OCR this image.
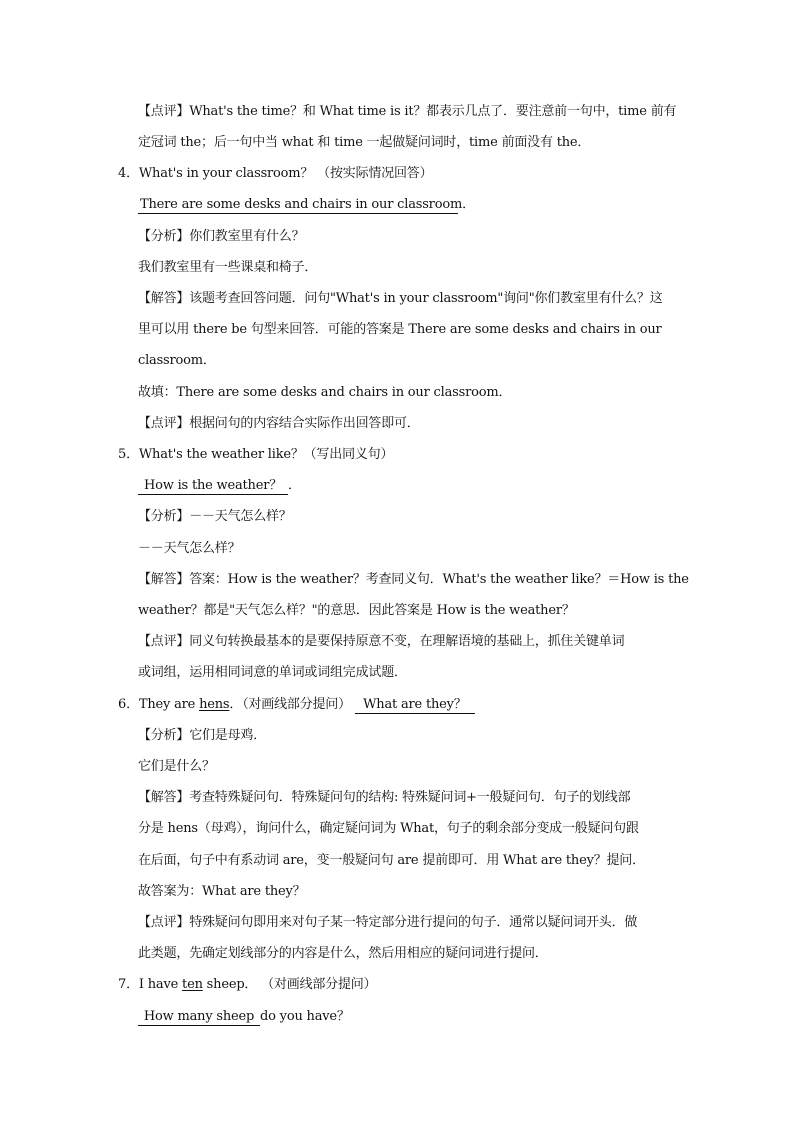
【点评】What's the time？和 What time is it？都表示几点了．要注意前一句中，time 前有
定冠词 the；后一句中当 what 和 time 一起做疑问词时，time 前面没有 the．
4．What's in your classroom？ （按实际情况回答）
There are some desks and chairs in our classroom．
【分析】你们教室里有什么？
我们教室里有一些课桌和椅子．
【解答】该题考查回答问题．问句"What's in your classroom"询问"你们教室里有什么？这
里可以用 there be 句型来回答．可能的答案是 There are some desks and chairs in our
classroom．
故填：There are some desks and chairs in our classroom．
【点评】根据问句的内容结合实际作出回答即可．
5．What's the weather like？（写出同义句）
How is the weather？ ．
【分析】－－天气怎么样？
－－天气怎么样？
【解答】答案：How is the weather？考查同义句．What's the weather like？＝How is the
weather？都是"天气怎么样？"的意思．因此答案是 How is the weather？
【点评】同义句转换最基本的是要保持原意不变，在理解语境的基础上，抓住关键单词
或词组，运用相同词意的单词或词组完成试题．
6．They are hens．（对画线部分提问） What are they？
【分析】它们是母鸡．
它们是什么？
【解答】考查特殊疑问句．特殊疑问句的结构: 特殊疑问词+一般疑问句．句子的划线部
分是 hens（母鸡），询问什么，确定疑问词为 What，句子的剩余部分变成一般疑问句跟
在后面，句子中有系动词 are，变一般疑问句 are 提前即可．用 What are they？提问．
故答案为：What are they？
【点评】特殊疑问句即用来对句子某一特定部分进行提问的句子．通常以疑问词开头．做
此类题，先确定划线部分的内容是什么，然后用相应的疑问词进行提问．
7．I have ten sheep． （对画线部分提问）
How many sheep do you have？
